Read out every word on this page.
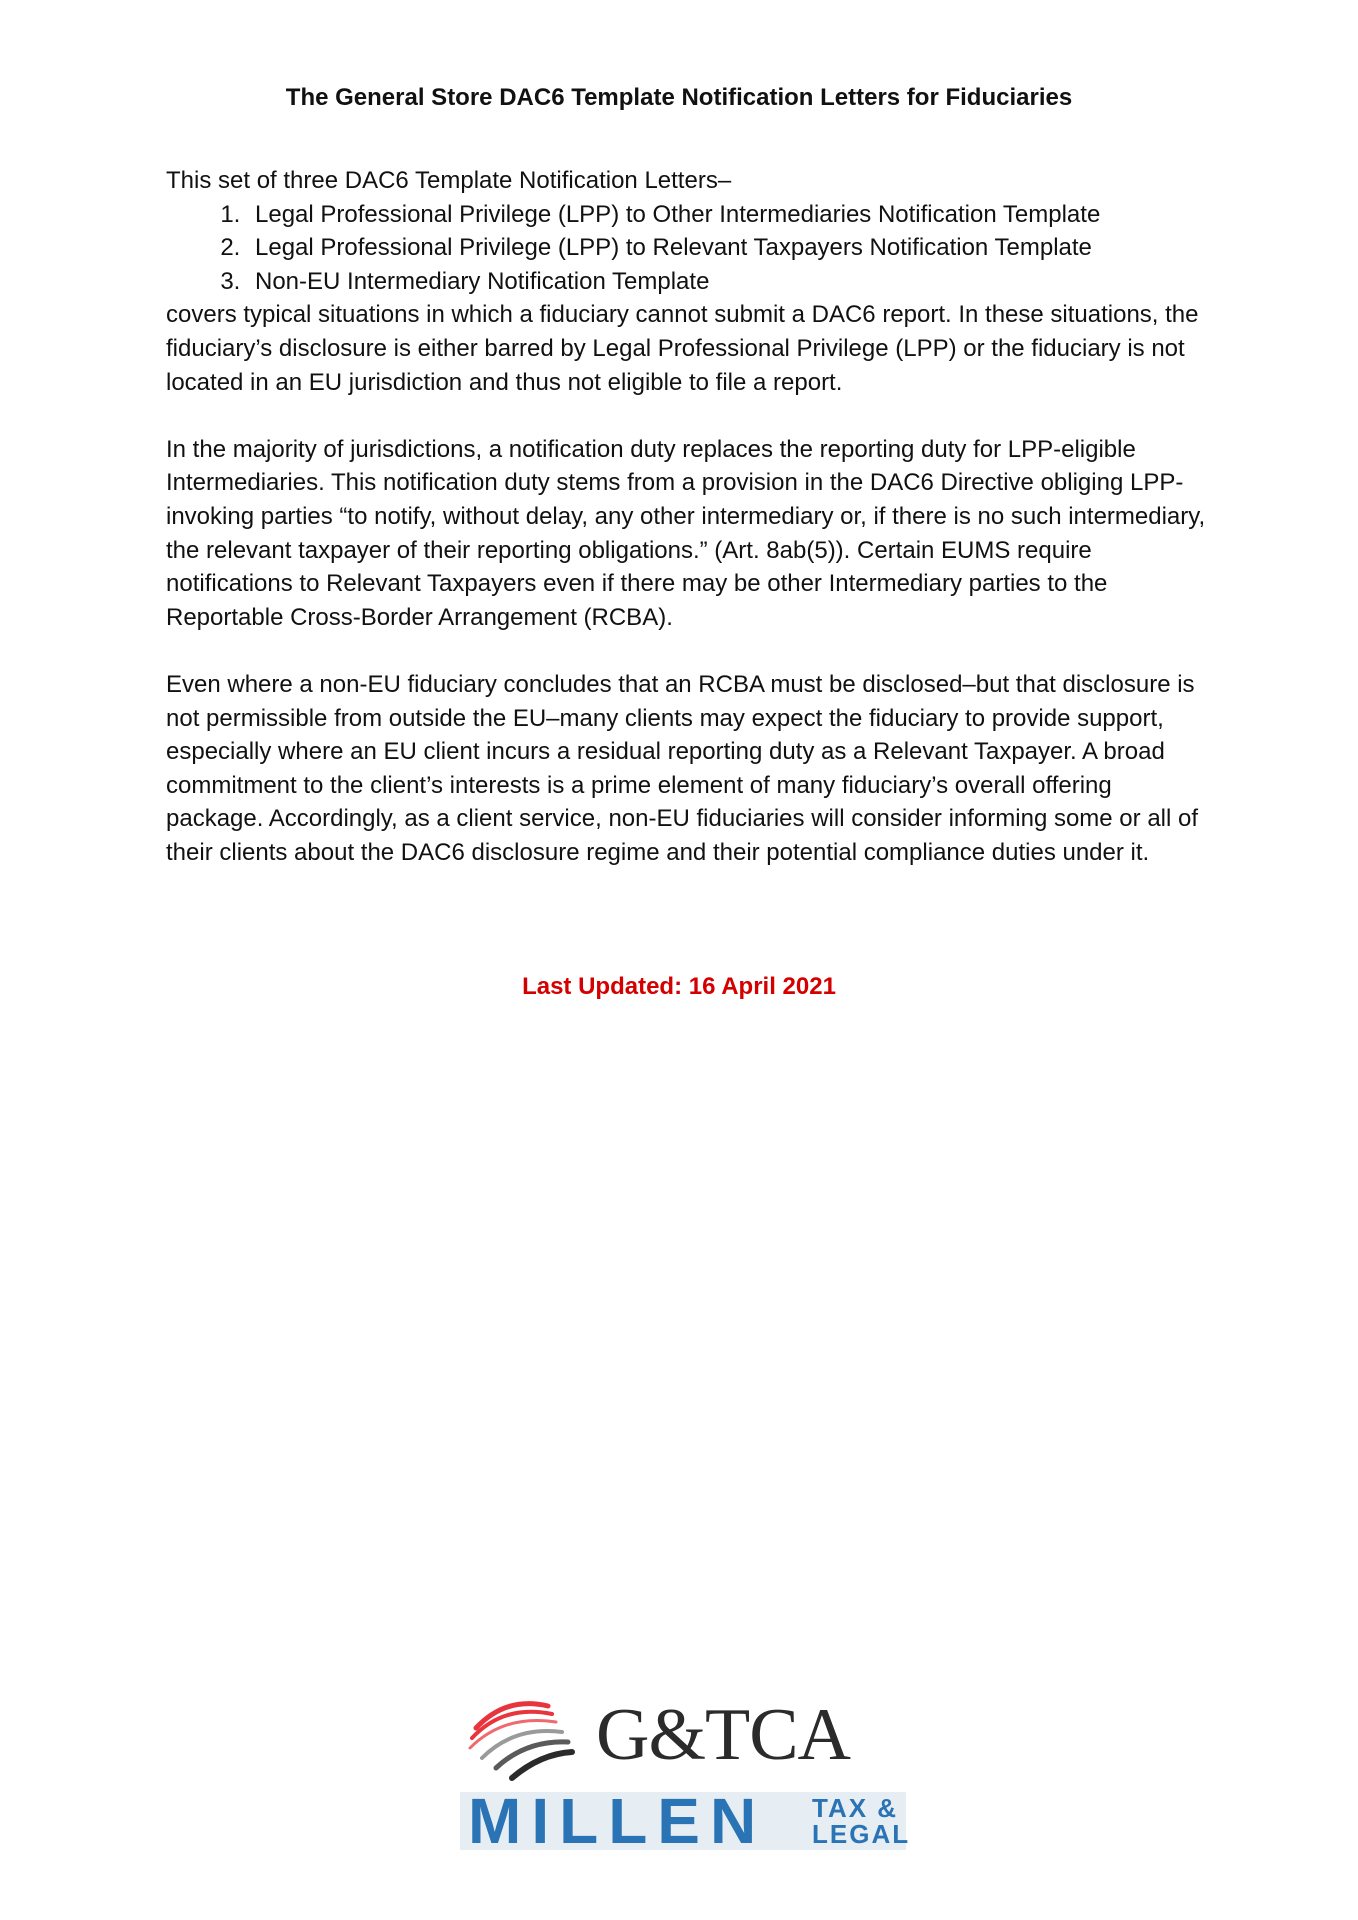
The General Store DAC6 Template Notification Letters for Fiduciaries

This set of three DAC6 Template Notification Letters–

1. Legal Professional Privilege (LPP) to Other Intermediaries Notification Template
2. Legal Professional Privilege (LPP) to Relevant Taxpayers Notification Template
3. Non-EU Intermediary Notification Template

covers typical situations in which a fiduciary cannot submit a DAC6 report. In these situations, the fiduciary’s disclosure is either barred by Legal Professional Privilege (LPP) or the fiduciary is not located in an EU jurisdiction and thus not eligible to file a report.

In the majority of jurisdictions, a notification duty replaces the reporting duty for LPP-eligible Intermediaries. This notification duty stems from a provision in the DAC6 Directive obliging LPP-invoking parties “to notify, without delay, any other intermediary or, if there is no such intermediary, the relevant taxpayer of their reporting obligations.” (Art. 8ab(5)). Certain EUMS require notifications to Relevant Taxpayers even if there may be other Intermediary parties to the Reportable Cross-Border Arrangement (RCBA).

Even where a non-EU fiduciary concludes that an RCBA must be disclosed–but that disclosure is not permissible from outside the EU–many clients may expect the fiduciary to provide support, especially where an EU client incurs a residual reporting duty as a Relevant Taxpayer. A broad commitment to the client’s interests is a prime element of many fiduciary’s overall offering package. Accordingly, as a client service, non-EU fiduciaries will consider informing some or all of their clients about the DAC6 disclosure regime and their potential compliance duties under it.

Last Updated: 16 April 2021

G&TCA
MILLEN TAX &
LEGAL
